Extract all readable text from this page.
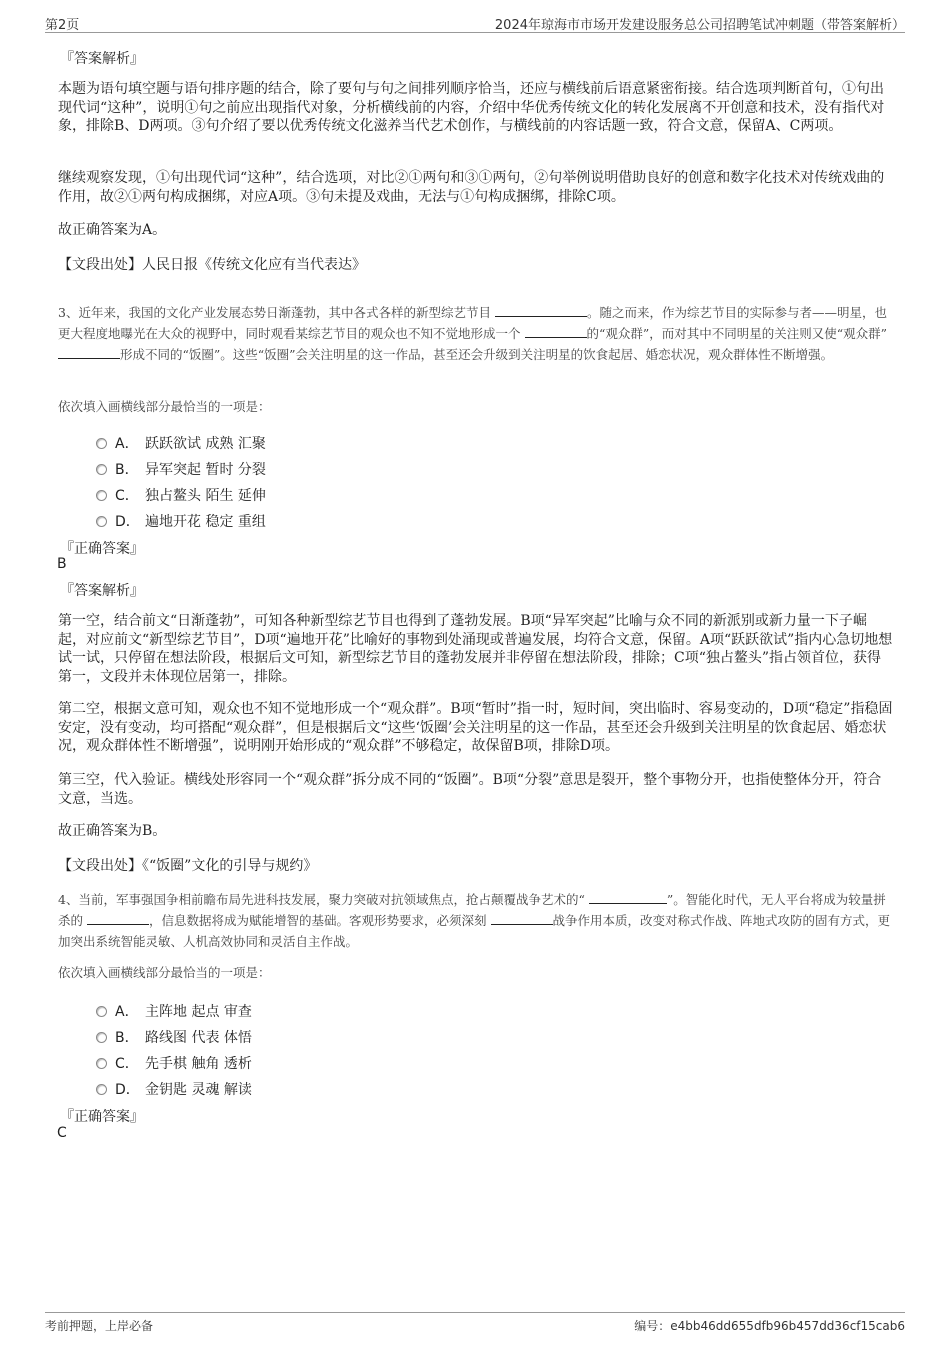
第2页	2024年琼海市市场开发建设服务总公司招聘笔试冲刺题（带答案解析）
『答案解析』
本题为语句填空题与语句排序题的结合，除了要句与句之间排列顺序恰当，还应与横线前后语意紧密衔接。结合选项判断首句，①句出现代词“这种”，说明①句之前应出现指代对象，分析横线前的内容，介绍中华优秀传统文化的转化发展离不开创意和技术，没有指代对象，排除B、D两项。③句介绍了要以优秀传统文化滋养当代艺术创作，与横线前的内容话题一致，符合文意，保留A、C两项。
继续观察发现，①句出现代词“这种”，结合选项，对比②①两句和③①两句，②句举例说明借助良好的创意和数字化技术对传统戏曲的作用，故②①两句构成捆绑，对应A项。③句未提及戏曲，无法与①句构成捆绑，排除C项。
故正确答案为A。
【文段出处】人民日报《传统文化应有当代表达》
3、近年来，我国的文化产业发展态势日渐蓬勃，其中各式各样的新型综艺节目	。随之而来，作为综艺节目的实际参与者——明星，也更大程度地曝光在大众的视野中，同时观看某综艺节目的观众也不知不觉地形成一个	的“观众群”，而对其中不同明星的关注则又使“观众群” 形成不同的“饭圈”。这些“饭圈”会关注明星的这一作品，甚至还会升级到关注明星的饮食起居、婚恋状况，观众群体性不断增强。
依次填入画横线部分最恰当的一项是：
A． 跃跃欲试 成熟 汇聚
B． 异军突起 暂时 分裂
C． 独占鳌头 陌生 延伸
D． 遍地开花 稳定 重组
『正确答案』
B
『答案解析』
第一空，结合前文“日渐蓬勃”，可知各种新型综艺节目也得到了蓬勃发展。B项“异军突起”比喻与众不同的新派别或新力量一下子崛起，对应前文“新型综艺节目”，D项“遍地开花”比喻好的事物到处涌现或普遍发展，均符合文意，保留。A项“跃跃欲试”指内心急切地想试一试，只停留在想法阶段，根据后文可知，新型综艺节目的蓬勃发展并非停留在想法阶段，排除；C项“独占鳌头”指占领首位，获得第一，文段并未体现位居第一，排除。
第二空，根据文意可知，观众也不知不觉地形成一个“观众群”。B项“暂时”指一时，短时间，突出临时、容易变动的，D项“稳定”指稳固安定，没有变动，均可搭配“观众群”，但是根据后文“这些‘饭圈’会关注明星的这一作品，甚至还会升级到关注明星的饮食起居、婚恋状况，观众群体性不断增强”，说明刚开始形成的“观众群”不够稳定，故保留B项，排除D项。
第三空，代入验证。横线处形容同一个“观众群”拆分成不同的“饭圈”。B项“分裂”意思是裂开，整个事物分开，也指使整体分开，符合文意，当选。
故正确答案为B。
【文段出处】《“饭圈”文化的引导与规约》
4、当前，军事强国争相前瞻布局先进科技发展，聚力突破对抗领域焦点，抢占颠覆战争艺术的“	”。智能化时代，无人平台将成为较量拼杀的	，信息数据将成为赋能增智的基础。客观形势要求，必须深刻	战争作用本质，改变对称式作战、阵地式攻防的固有方式，更加突出系统智能灵敏、人机高效协同和灵活自主作战。
依次填入画横线部分最恰当的一项是：
A． 主阵地 起点 审查
B． 路线图 代表 体悟
C． 先手棋 触角 透析
D． 金钥匙 灵魂 解读
『正确答案』
C
考前押题，上岸必备	编号：e4bb46dd655dfb96b457dd36cf15cab6
